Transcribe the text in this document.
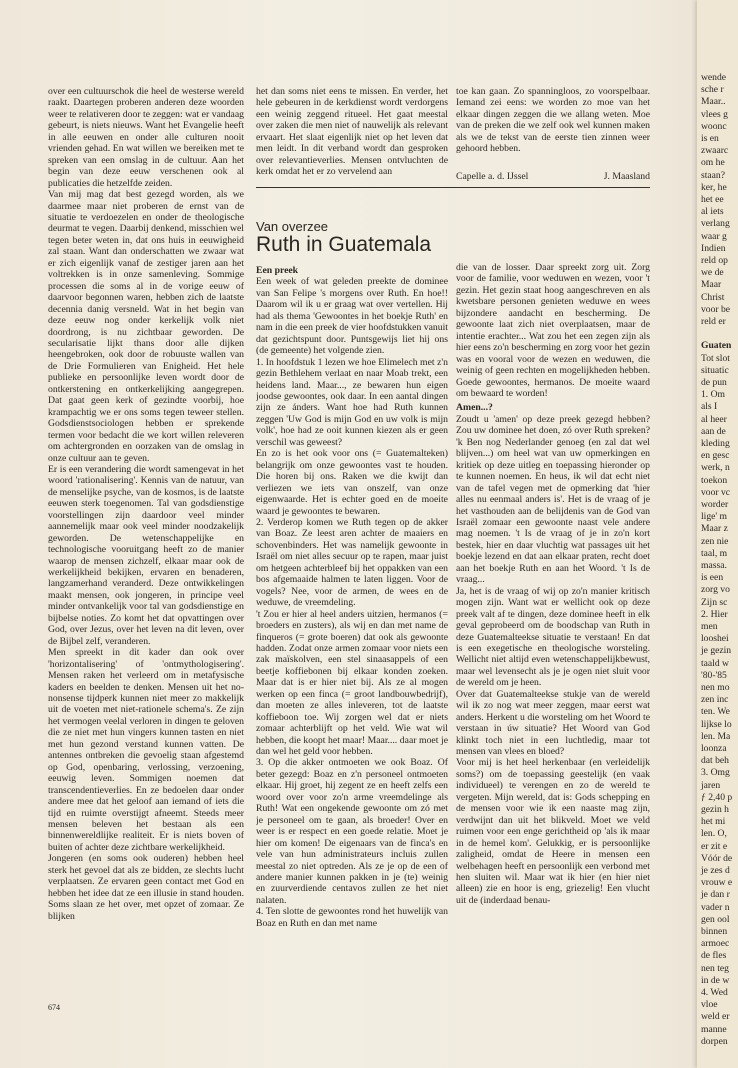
over een cultuurschok die heel de westerse wereld raakt. Daartegen proberen anderen deze woorden weer te relativeren door te zeggen: wat er vandaag gebeurt, is niets nieuws. Want het Evangelie heeft in alle eeuwen en onder alle culturen nooit vrienden gehad. En wat willen we bereiken met te spreken van een omslag in de cultuur. Aan het begin van deze eeuw verschenen ook al publicaties die hetzelfde zeiden.

Van mij mag dat best gezegd worden, als we daarmee maar niet proberen de ernst van de situatie te verdoezelen en onder de theologische deurmat te vegen. Daarbij denkend, misschien wel tegen beter weten in, dat ons huis in eeuwigheid zal staan. Want dan onderschatten we zwaar wat er zich eigenlijk vanaf de zestiger jaren aan het voltrekken is in onze samenleving. Sommige processen die soms al in de vorige eeuw of daarvoor begonnen waren, hebben zich de laatste decennia danig versneld. Wat in het begin van deze eeuw nog onder kerkelijk volk niet doordrong, is nu zichtbaar geworden. De secularisatie lijkt thans door alle dijken heengebroken, ook door de robuuste wallen van de Drie Formulieren van Enigheid. Het hele publieke en persoonlijke leven wordt door de ontkerstening en ontkerkelijking aangegrepen. Dat gaat geen kerk of gezindte voorbij, hoe krampachtig we er ons soms tegen teweer stellen. Godsdienstsociologen hebben er sprekende termen voor bedacht die we kort willen releveren om achtergronden en oorzaken van de omslag in onze cultuur aan te geven.

Er is een verandering die wordt samengevat in het woord 'rationalisering'. Kennis van de natuur, van de menselijke psyche, van de kosmos, is de laatste eeuwen sterk toegenomen. Tal van godsdienstige voorstellingen zijn daardoor veel minder aannemelijk maar ook veel minder noodzakelijk geworden. De wetenschappelijke en technologische vooruitgang heeft zo de manier waarop de mensen zichzelf, elkaar maar ook de werkelijkheid bekijken, ervaren en benaderen, langzamerhand veranderd. Deze ontwikkelingen maakt mensen, ook jongeren, in principe veel minder ontvankelijk voor tal van godsdienstige en bijbelse noties. Zo komt het dat opvattingen over God, over Jezus, over het leven na dit leven, over de Bijbel zelf, veranderen.

Men spreekt in dit kader dan ook over 'horizontalisering' of 'ontmythologisering'. Mensen raken het verleerd om in metafysische kaders en beelden te denken. Mensen uit het no-nonsense tijdperk kunnen niet meer zo makkelijk uit de voeten met niet-rationele schema's. Ze zijn het vermogen veelal verloren in dingen te geloven die ze niet met hun vingers kunnen tasten en niet met hun gezond verstand kunnen vatten. De antennes ontbreken die gevoelig staan afgestemd op God, openbaring, verlossing, verzoening, eeuwig leven. Sommigen noemen dat transcendentieverlies. En ze bedoelen daar onder andere mee dat het geloof aan iemand of iets die tijd en ruimte overstijgt afneemt. Steeds meer mensen beleven het bestaan als een binnenwereldlijke realiteit. Er is niets boven of buiten of achter deze zichtbare werkelijkheid.

Jongeren (en soms ook ouderen) hebben heel sterk het gevoel dat als ze bidden, ze slechts lucht verplaatsen. Ze ervaren geen contact met God en hebben het idee dat ze een illusie in stand houden. Soms slaan ze het over, met opzet of zomaar. Ze blijken

het dan soms niet eens te missen. En verder, het hele gebeuren in de kerkdienst wordt verdorgens een weinig zeggend ritueel. Het gaat meestal over zaken die men niet of nauwelijk als relevant ervaart. Het slaat eigenlijk niet op het leven dat men leidt. In dit verband wordt dan gesproken over relevantieverlies. Mensen ontvluchten de kerk omdat het er zo vervelend aan

toe kan gaan. Zo spanningloos, zo voorspelbaar. Iemand zei eens: we worden zo moe van het elkaar dingen zeggen die we allang weten. Moe van de preken die we zelf ook wel kunnen maken als we de tekst van de eerste tien zinnen weer gehoord hebben.

Capelle a. d. IJssel	J. Maasland
Van overzee
Ruth in Guatemala

Een preek

Een week of wat geleden preekte de dominee van San Felipe 's morgens over Ruth. En hoe!! Daarom wil ik u er graag wat over vertellen. Hij had als thema 'Gewoontes in het boekje Ruth' en nam in die een preek de vier hoofdstukken vanuit dat gezichtspunt door. Puntsgewijs liet hij ons (de gemeente) het volgende zien.

1. In hoofdstuk 1 lezen we hoe Elimelech met z'n gezin Bethlehem verlaat en naar Moab trekt, een heidens land. Maar..., ze bewaren hun eigen joodse gewoontes, ook daar. In een aantal dingen zijn ze ánders. Want hoe had Ruth kunnen zeggen 'Uw God is mijn God en uw volk is mijn volk', hoe had ze ooit kunnen kiezen als er geen verschil was geweest?

En zo is het ook voor ons (= Guatemalteken) belangrijk om onze gewoontes vast te houden. Die horen bij ons. Raken we die kwijt dan verliezen we iets van onszelf, van onze eigenwaarde. Het is echter goed en de moeite waard je gewoontes te bewaren.

2. Verderop komen we Ruth tegen op de akker van Boaz. Ze leest aren achter de maaiers en schovenbinders. Het was namelijk gewoonte in Israël om niet alles secuur op te rapen, maar juist om hetgeen achterbleef bij het oppakken van een bos afgemaaide halmen te laten liggen. Voor de vogels? Nee, voor de armen, de wees en de weduwe, de vreemdeling.

't Zou er hier al heel anders uitzien, hermanos (= broeders en zusters), als wij en dan met name de finqueros (= grote boeren) dat ook als gewoonte hadden. Zodat onze armen zomaar voor niets een zak maïskolven, een stel sinaasappels of een beetje koffiebonen bij elkaar konden zoeken. Maar dat is er hier niet bij. Als ze al mogen werken op een finca (= groot landbouwbedrijf), dan moeten ze alles inleveren, tot de laatste koffieboon toe. Wij zorgen wel dat er niets zomaar achterblijft op het veld. Wie wat wil hebben, die koopt het maar! Maar.... daar moet je dan wel het geld voor hebben.

3. Op die akker ontmoeten we ook Boaz. Of beter gezegd: Boaz en z'n personeel ontmoeten elkaar. Hij groet, hij zegent ze en heeft zelfs een woord over voor zo'n arme vreemdelinge als Ruth! Wat een ongekende gewoonte om zó met je personeel om te gaan, als broeder! Over en weer is er respect en een goede relatie. Moet je hier om komen! De eigenaars van de finca's en vele van hun administrateurs incluis zullen meestal zo niet optreden. Als ze je op de een of andere manier kunnen pakken in je (te) weinig en zuurverdiende centavos zullen ze het niet nalaten.

4. Ten slotte de gewoontes rond het huwelijk van Boaz en Ruth en dan met name

die van de losser. Daar spreekt zorg uit. Zorg voor de familie, voor weduwen en wezen, voor 't gezin. Het gezin staat hoog aangeschreven en als kwetsbare personen genieten weduwe en wees bijzondere aandacht en bescherming. De gewoonte laat zich niet overplaatsen, maar de intentie erachter... Wat zou het een zegen zijn als hier eens zo'n bescherming en zorg voor het gezin was en vooral voor de wezen en weduwen, die weinig of geen rechten en mogelijkheden hebben. Goede gewoontes, hermanos. De moeite waard om bewaard te worden!

Amen...?

Zoudt u 'amen' op deze preek gezegd hebben? Zou uw dominee het doen, zó over Ruth spreken? 'k Ben nog Nederlander genoeg (en zal dat wel blijven...) om heel wat van uw opmerkingen en kritiek op deze uitleg en toepassing hieronder op te kunnen noemen. En heus, ik wil dat echt niet van de tafel vegen met de opmerking dat 'hier alles nu eenmaal anders is'. Het is de vraag of je het vasthouden aan de belijdenis van de God van Israël zomaar een gewoonte naast vele andere mag noemen. 't Is de vraag of je in zo'n kort bestek, hier en daar vluchtig wat passages uit het boekje lezend en dat aan elkaar praten, recht doet aan het boekje Ruth en aan het Woord. 't Is de vraag...

Ja, het is de vraag of wij op zo'n manier kritisch mogen zijn. Want wat er wellicht ook op deze preek valt af te dingen, deze dominee heeft in elk geval geprobeerd om de boodschap van Ruth in deze Guatemalteekse situatie te verstaan! En dat is een exegetische en theologische worsteling. Wellicht niet altijd even wetenschappelijkbewust, maar wel levensecht als je je ogen niet sluit voor de wereld om je heen.

Over dat Guatemalteekse stukje van de wereld wil ik zo nog wat meer zeggen, maar eerst wat anders. Herkent u die worsteling om het Woord te verstaan in úw situatie? Het Woord van God klinkt toch niet in een luchtledig, maar tot mensen van vlees en bloed?

Voor mij is het heel herkenbaar (en verleidelijk soms?) om de toepassing geestelijk (en vaak individueel) te verengen en zo de wereld te vergeten. Mijn wereld, dat is: Gods schepping en de mensen voor wie ik een naaste mag zijn, verdwijnt dan uit het blikveld. Moet we veld ruimen voor een enge gerichtheid op 'als ik maar in de hemel kom'. Gelukkig, er is persoonlijke zaligheid, omdat de Heere in mensen een welbehagen heeft en persoonlijk een verbond met hen sluiten wil. Maar wat ik hier (en hier niet alleen) zie en hoor is eng, griezelig! Een vlucht uit de (inderdaad benau-

674
wende
sche r
Maar..
vlees g
woonc
is en
zwaarc
om he
staan?
ker, he
het ee
al iets
verlang
waar g
Indien
reld op
we de
Maar
Christ
voor be
reld er
Guaten
Tot slot
situatic
de pun
1. Om
als I
al heer
aan de
kleding
en gesc
werk, n
toekon
voor vc
worder
lige' m
Maar z
zen nie
taal, m
massa.
is een
zorg vo
Zijn sc
2. Hier
men
looshei
je gezin
taald w
'80-'85
nen mo
zen inc
ten. We
lijkse lo
len. Ma
loonza
dat beh
3. Omg
jaren
ƒ 2,40 p
gezin h
het mi
len. O,
er zit e
Vóór de
je zes d
vrouw e
je dan r
vader n
gen ool
binnen
armoec
de fles
nen teg
in de w
4. Wed
vloe
weld er
manne
dorpen
